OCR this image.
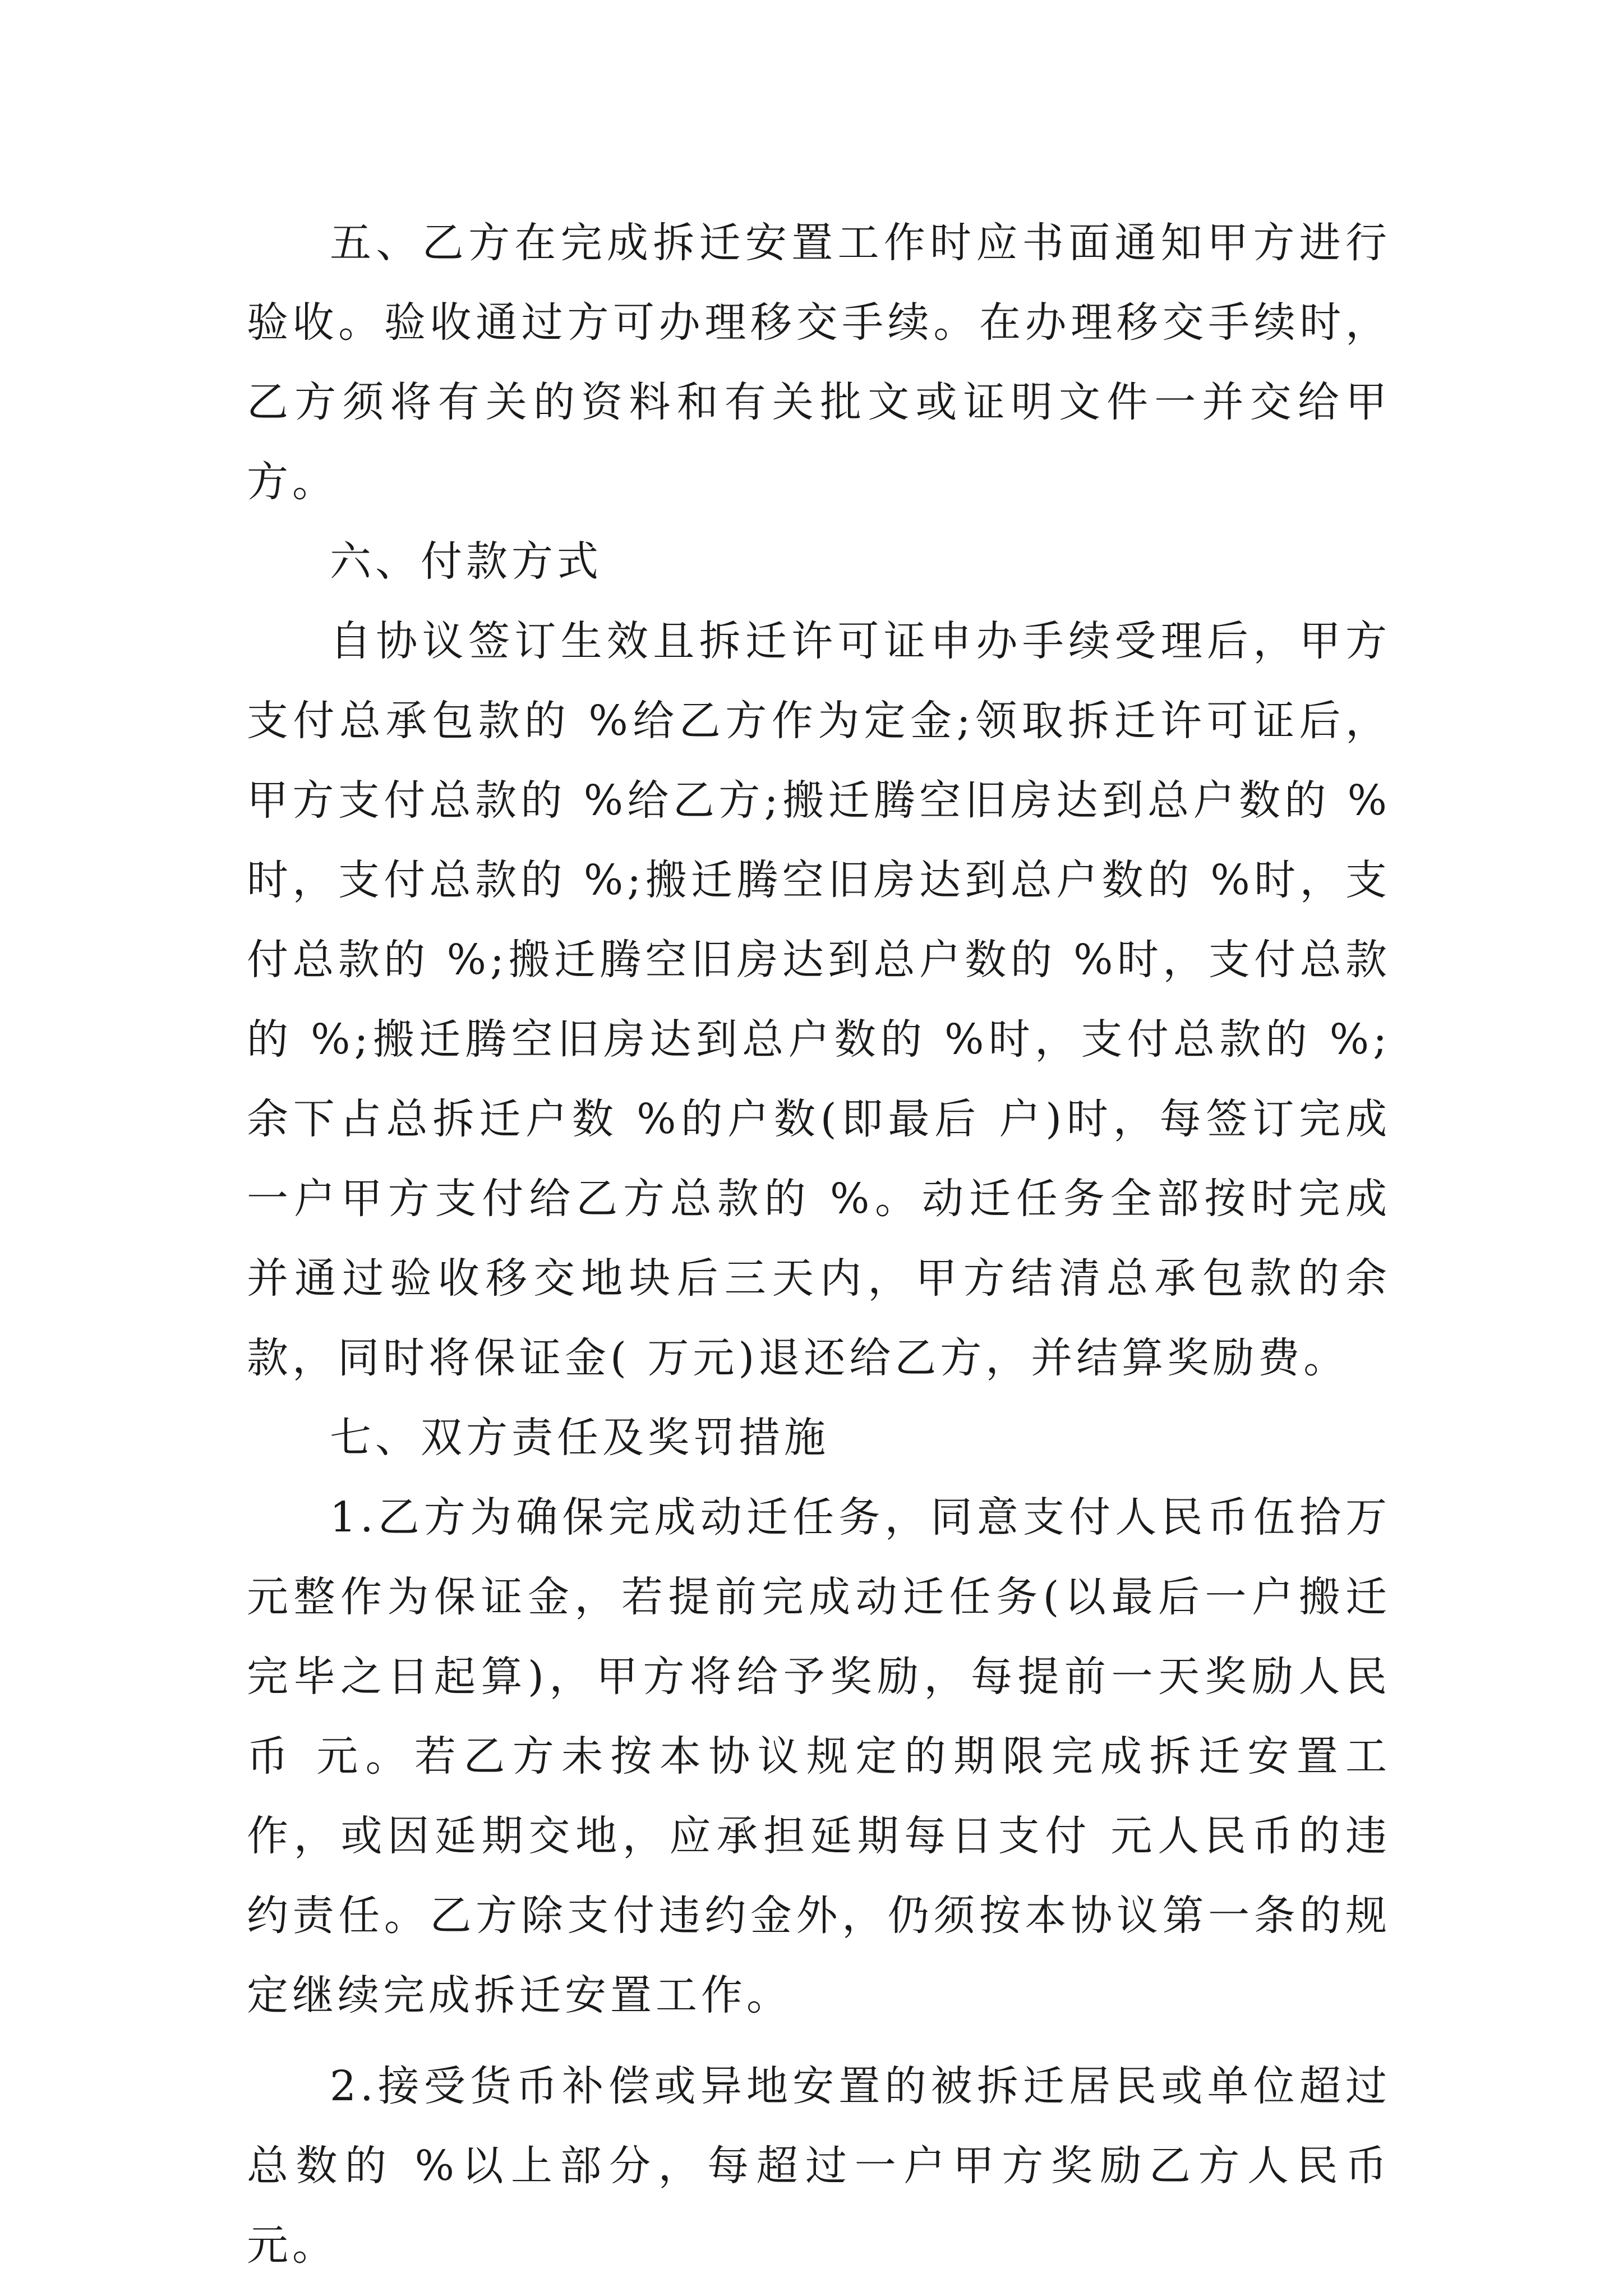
五、乙方在完成拆迁安置工作时应书面通知甲方进行验收。验收通过方可办理移交手续。在办理移交手续时，乙方须将有关的资料和有关批文或证明文件一并交给甲方。

六、付款方式

自协议签订生效且拆迁许可证申办手续受理后，甲方支付总承包款的 %给乙方作为定金;领取拆迁许可证后，甲方支付总款的 %给乙方;搬迁腾空旧房达到总户数的 %时，支付总款的 %;搬迁腾空旧房达到总户数的 %时，支付总款的 %;搬迁腾空旧房达到总户数的 %时，支付总款的 %;搬迁腾空旧房达到总户数的 %时，支付总款的 %;余下占总拆迁户数 %的户数(即最后 户)时，每签订完成一户甲方支付给乙方总款的 %。动迁任务全部按时完成并通过验收移交地块后三天内，甲方结清总承包款的余款，同时将保证金( 万元)退还给乙方，并结算奖励费。

七、双方责任及奖罚措施

1.乙方为确保完成动迁任务，同意支付人民币伍拾万元整作为保证金，若提前完成动迁任务(以最后一户搬迁完毕之日起算)，甲方将给予奖励，每提前一天奖励人民币 元。若乙方未按本协议规定的期限完成拆迁安置工作，或因延期交地，应承担延期每日支付 元人民币的违约责任。乙方除支付违约金外，仍须按本协议第一条的规定继续完成拆迁安置工作。

2.接受货币补偿或异地安置的被拆迁居民或单位超过总数的 %以上部分，每超过一户甲方奖励乙方人民币 元。
